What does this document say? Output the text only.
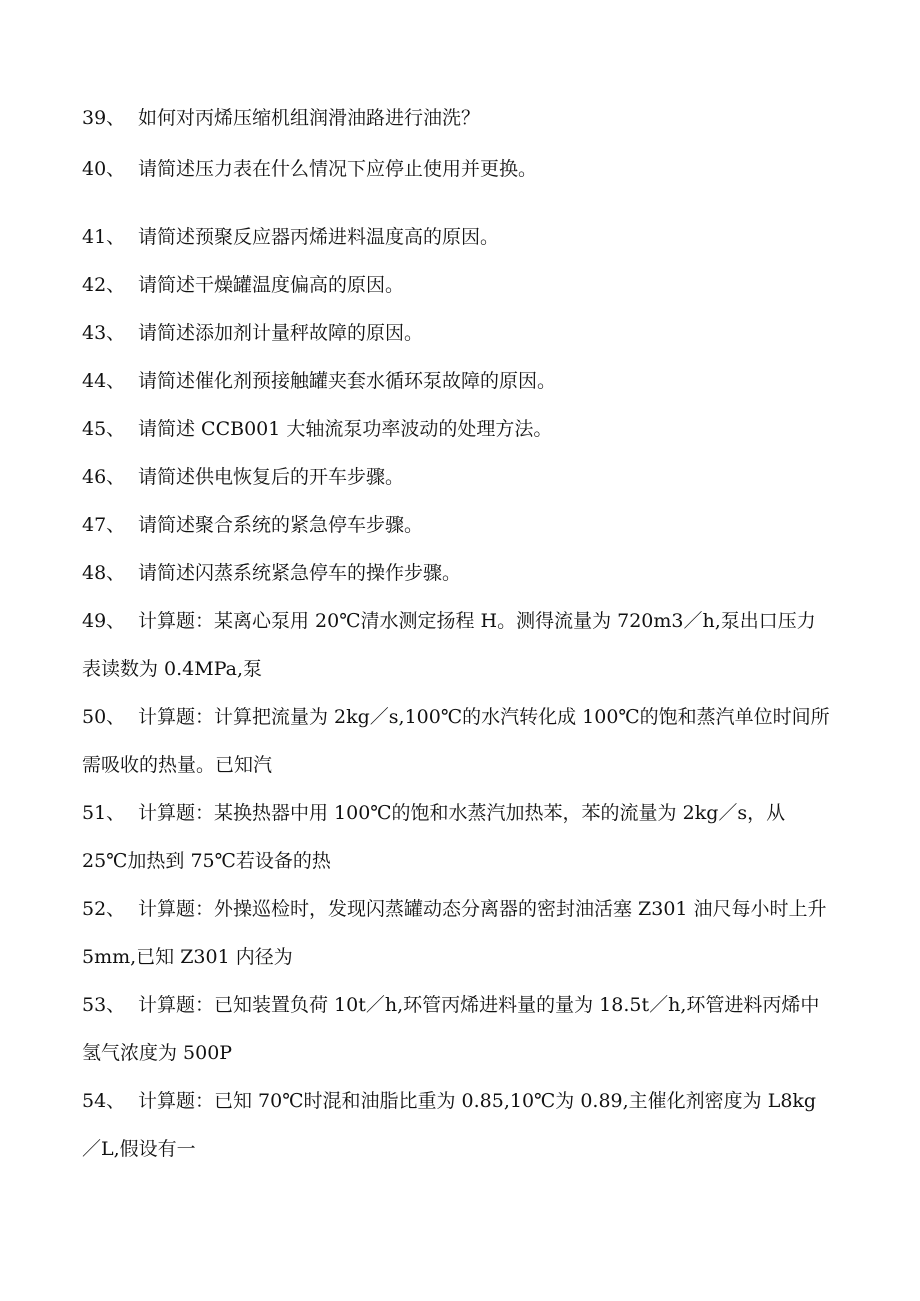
39、 如何对丙烯压缩机组润滑油路进行油洗？
40、 请简述压力表在什么情况下应停止使用并更换。
41、 请简述预聚反应器丙烯进料温度高的原因。
42、 请简述干燥罐温度偏高的原因。
43、 请简述添加剂计量秤故障的原因。
44、 请简述催化剂预接触罐夹套水循环泵故障的原因。
45、 请简述 CCB001 大轴流泵功率波动的处理方法。
46、 请简述供电恢复后的开车步骤。
47、 请简述聚合系统的紧急停车步骤。
48、 请简述闪蒸系统紧急停车的操作步骤。
49、 计算题：某离心泵用 20℃清水测定扬程 H。测得流量为 720m3／h,泵出口压力表读数为 0.4MPa,泵
50、 计算题：计算把流量为 2kg／s,100℃的水汽转化成 100℃的饱和蒸汽单位时间所需吸收的热量。已知汽
51、 计算题：某换热器中用 100℃的饱和水蒸汽加热苯，苯的流量为 2kg／s，从 25℃加热到 75℃若设备的热
52、 计算题：外操巡检时，发现闪蒸罐动态分离器的密封油活塞 Z301 油尺每小时上升 5mm,已知 Z301 内径为
53、 计算题：已知装置负荷 10t／h,环管丙烯进料量的量为 18.5t／h,环管进料丙烯中氢气浓度为 500P
54、 计算题：已知 70℃时混和油脂比重为 0.85,10℃为 0.89,主催化剂密度为 L8kg／L,假设有一
